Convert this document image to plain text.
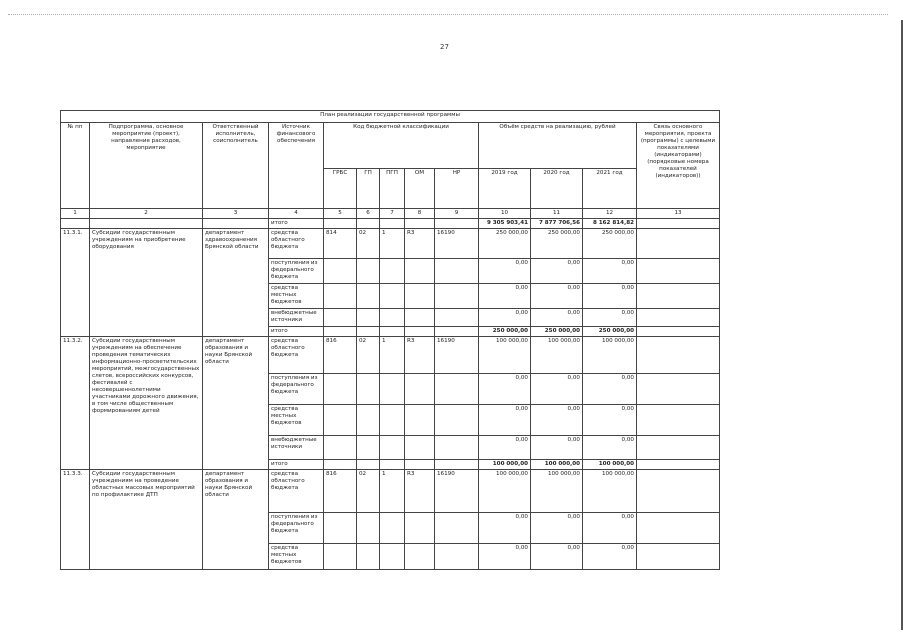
27
План реализации государственной программы												
№ пп	Подпрограмма, основное мероприятие (проект), направление расходов, мероприятие	Ответственный исполнитель, соисполнитель	Источник финансового обеспечения	Код бюджетной классификации					Объём средств на реализацию, рублей			Связь основного мероприятия, проекта (программы) с целевыми показателями (индикаторами) (порядковые номера показателей (индикаторов))
				ГРБС	ГП	ПГП	ОМ	НР	2019 год	2020 год	2021 год	
1	2	3	4	5	6	7	8	9	10	11	12	13
			итого						9 305 903,41	7 877 706,56	8 162 814,82	
11.3.1.	Субсидии государственным учреждениям на приобретение оборудования	департамент здравоохранения Брянской области	средства областного бюджета	814	02	1	R3	16190	250 000,00	250 000,00	250 000,00	
			поступления из федерального бюджета						0,00	0,00	0,00	
			средства местных бюджетов						0,00	0,00	0,00	
			внебюджетные источники						0,00	0,00	0,00	
			итого						250 000,00	250 000,00	250 000,00	
11.3.2.	Субсидии государственным учреждениям на обеспечение проведения тематических информационно-просветительских мероприятий, межгосударственных слетов, всероссийских конкурсов, фестивалей с несовершеннолетними участниками дорожного движения, в том числе общественным формированиям детей	департамент образования и науки Брянской области	средства областного бюджета	816	02	1	R3	16190	100 000,00	100 000,00	100 000,00	
			поступления из федерального бюджета						0,00	0,00	0,00	
			средства местных бюджетов						0,00	0,00	0,00	
			внебюджетные источники						0,00	0,00	0,00	
			итого						100 000,00	100 000,00	100 000,00	
11.3.3.	Субсидии государственным учреждениям на проведение областных массовых мероприятий по профилактике ДТП	департамент образования и науки Брянской области	средства областного бюджета	816	02	1	R3	16190	100 000,00	100 000,00	100 000,00	
			поступления из федерального бюджета						0,00	0,00	0,00	
			средства местных бюджетов						0,00	0,00	0,00	
